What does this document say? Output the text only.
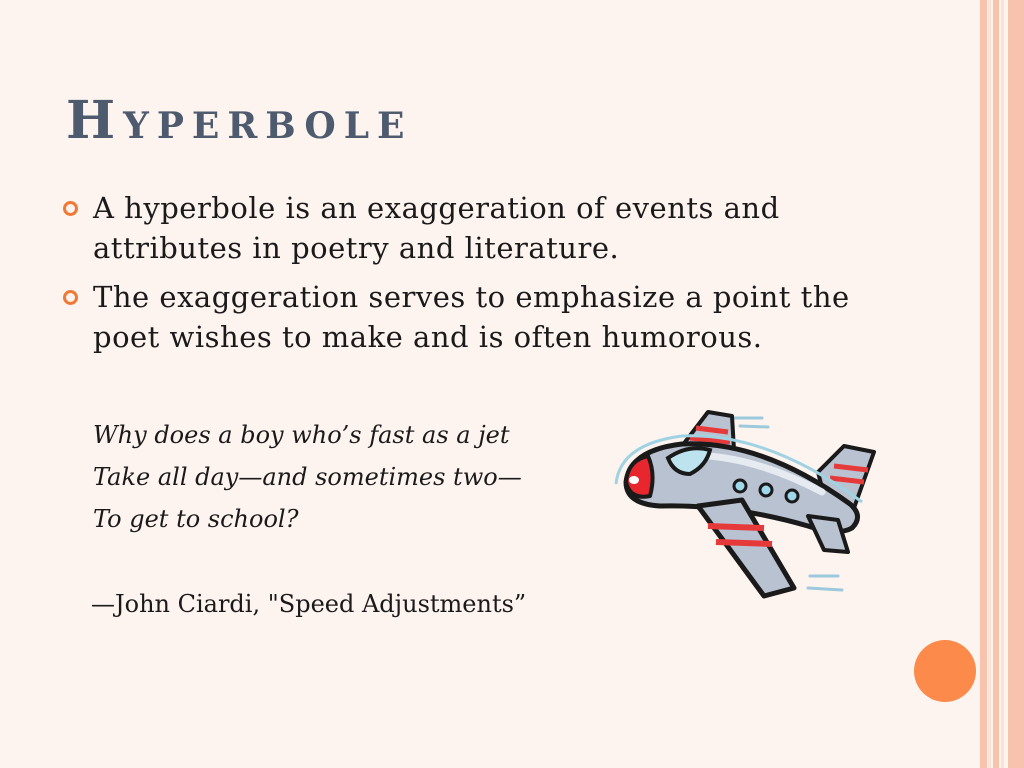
Hyperbole
A hyperbole is an exaggeration of events and attributes in poetry and literature.
The exaggeration serves to emphasize a point the poet wishes to make and is often humorous.
Why does a boy who’s fast as a jet
Take all day—and sometimes two—
To get to school?
—John Ciardi, "Speed Adjustments”
